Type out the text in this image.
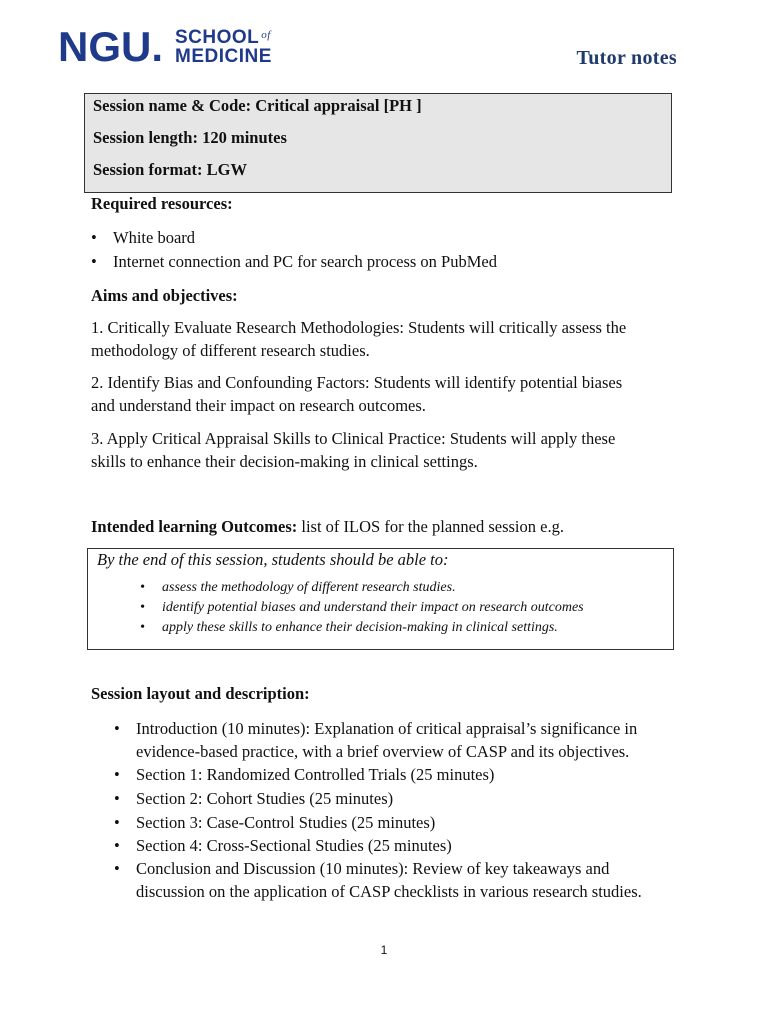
NGU. SCHOOL of
MEDICINE	Tutor notes
Session name & Code: Critical appraisal [PH ]
Session length: 120 minutes
Session format: LGW
Required resources:
• White board
• Internet connection and PC for search process on PubMed
Aims and objectives:
1. Critically Evaluate Research Methodologies: Students will critically assess the
methodology of different research studies.
2. Identify Bias and Confounding Factors: Students will identify potential biases
and understand their impact on research outcomes.
3. Apply Critical Appraisal Skills to Clinical Practice: Students will apply these
skills to enhance their decision-making in clinical settings.
Intended learning Outcomes: list of ILOS for the planned session e.g.
By the end of this session, students should be able to:
• assess the methodology of different research studies.
• identify potential biases and understand their impact on research outcomes
• apply these skills to enhance their decision-making in clinical settings.
Session layout and description:
• Introduction (10 minutes): Explanation of critical appraisal’s significance in
evidence-based practice, with a brief overview of CASP and its objectives.
• Section 1: Randomized Controlled Trials (25 minutes)
• Section 2: Cohort Studies (25 minutes)
• Section 3: Case-Control Studies (25 minutes)
• Section 4: Cross-Sectional Studies (25 minutes)
• Conclusion and Discussion (10 minutes): Review of key takeaways and
discussion on the application of CASP checklists in various research studies.
1
